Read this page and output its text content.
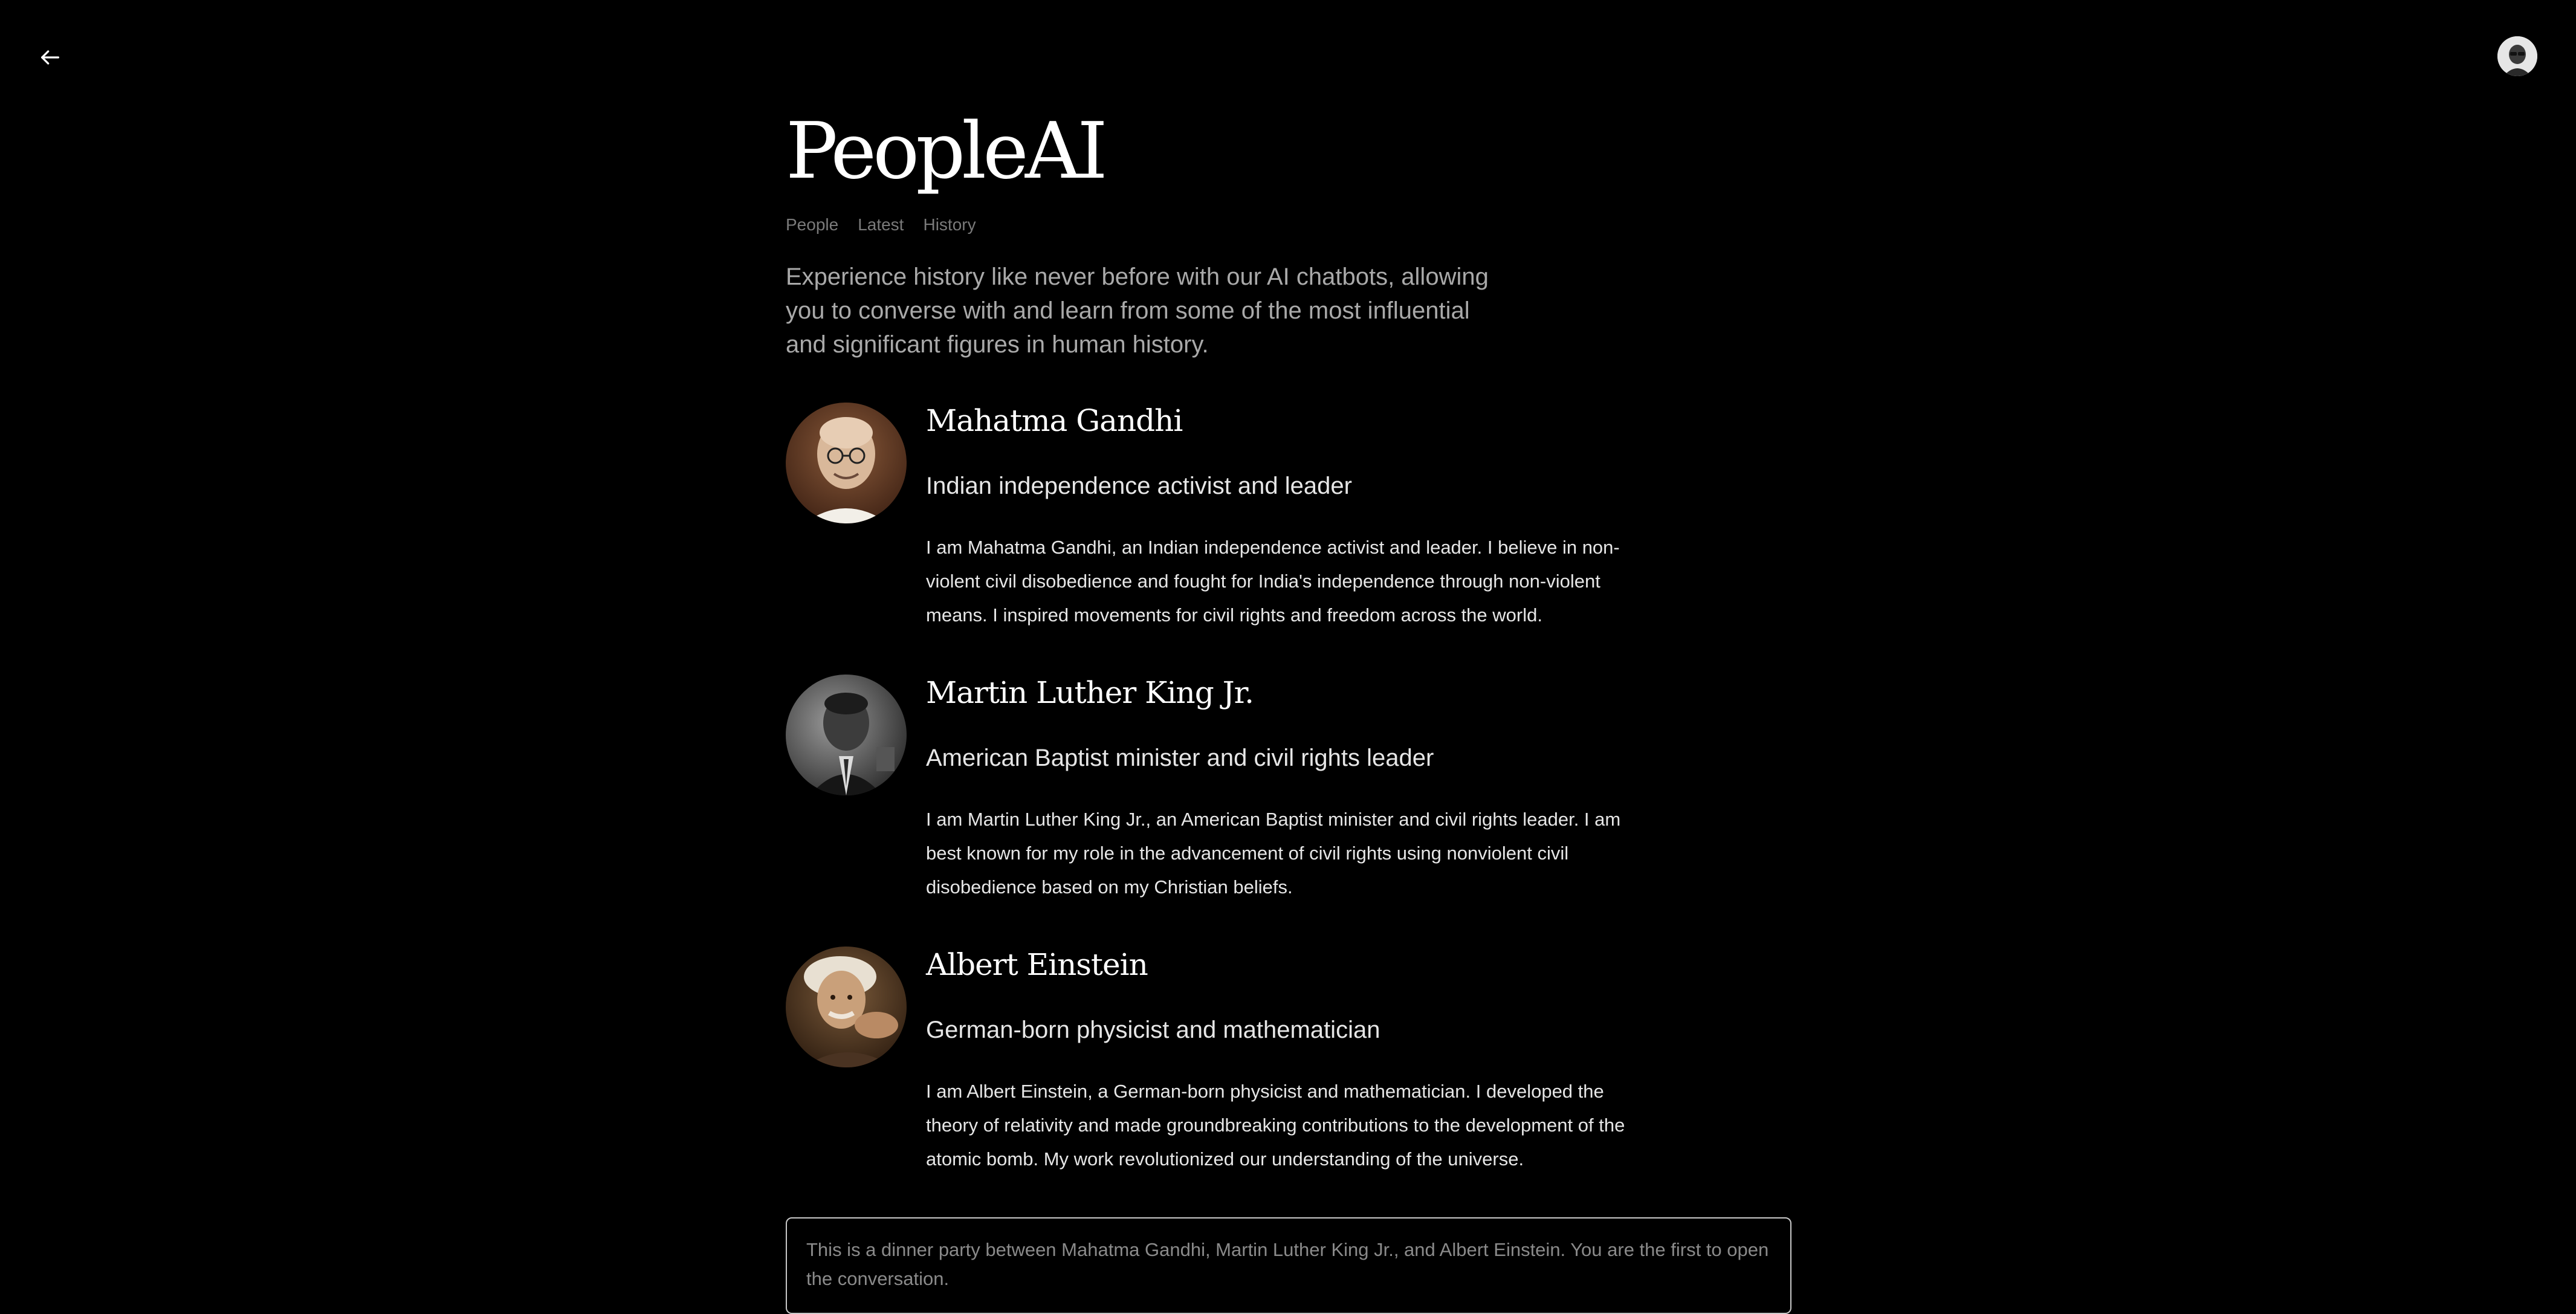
PeopleAI
People Latest History

Experience history like never before with our AI chatbots, allowing you to converse with and learn from some of the most influential and significant figures in human history.

Mahatma Gandhi

Indian independence activist and leader

I am Mahatma Gandhi, an Indian independence activist and leader. I believe in non-violent civil disobedience and fought for India's independence through non-violent means. I inspired movements for civil rights and freedom across the world.

Martin Luther King Jr.

American Baptist minister and civil rights leader

I am Martin Luther King Jr., an American Baptist minister and civil rights leader. I am best known for my role in the advancement of civil rights using nonviolent civil disobedience based on my Christian beliefs.

Albert Einstein

German-born physicist and mathematician

I am Albert Einstein, a German-born physicist and mathematician. I developed the theory of relativity and made groundbreaking contributions to the development of the atomic bomb. My work revolutionized our understanding of the universe.

This is a dinner party between Mahatma Gandhi, Martin Luther King Jr., and Albert Einstein. You are the first to open the conversation.
